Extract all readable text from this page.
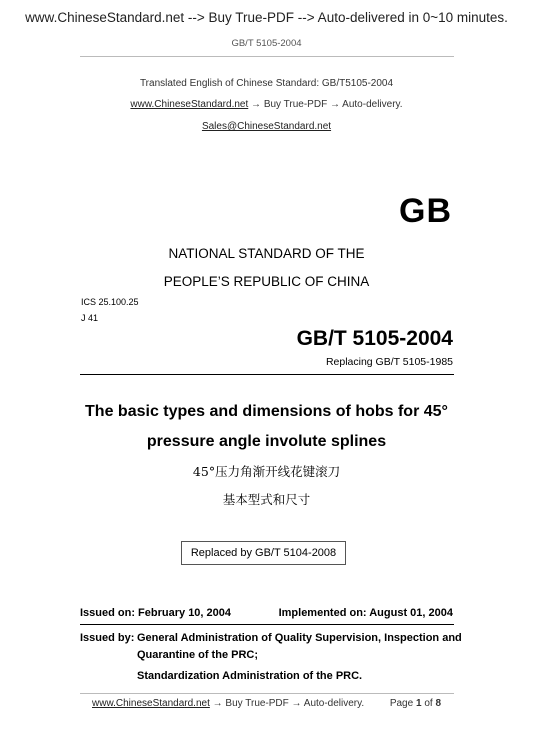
www.ChineseStandard.net --> Buy True-PDF --> Auto-delivered in 0~10 minutes.
GB/T 5105-2004
Translated English of Chinese Standard: GB/T5105-2004
www.ChineseStandard.net → Buy True-PDF → Auto-delivery.
Sales@ChineseStandard.net
GB
NATIONAL STANDARD OF THE
PEOPLE’S REPUBLIC OF CHINA
ICS 25.100.25
J 41
GB/T 5105-2004
Replacing GB/T 5105-1985
The basic types and dimensions of hobs for 45°
pressure angle involute splines
45°压力角渐开线花键滚刀
基本型式和尺寸
Replaced by GB/T 5104-2008
Issued on: February 10, 2004	Implemented on: August 01, 2004
Issued by: General Administration of Quality Supervision, Inspection and
Quarantine of the PRC;
Standardization Administration of the PRC.
www.ChineseStandard.net → Buy True-PDF → Auto-delivery.	Page 1 of 8
